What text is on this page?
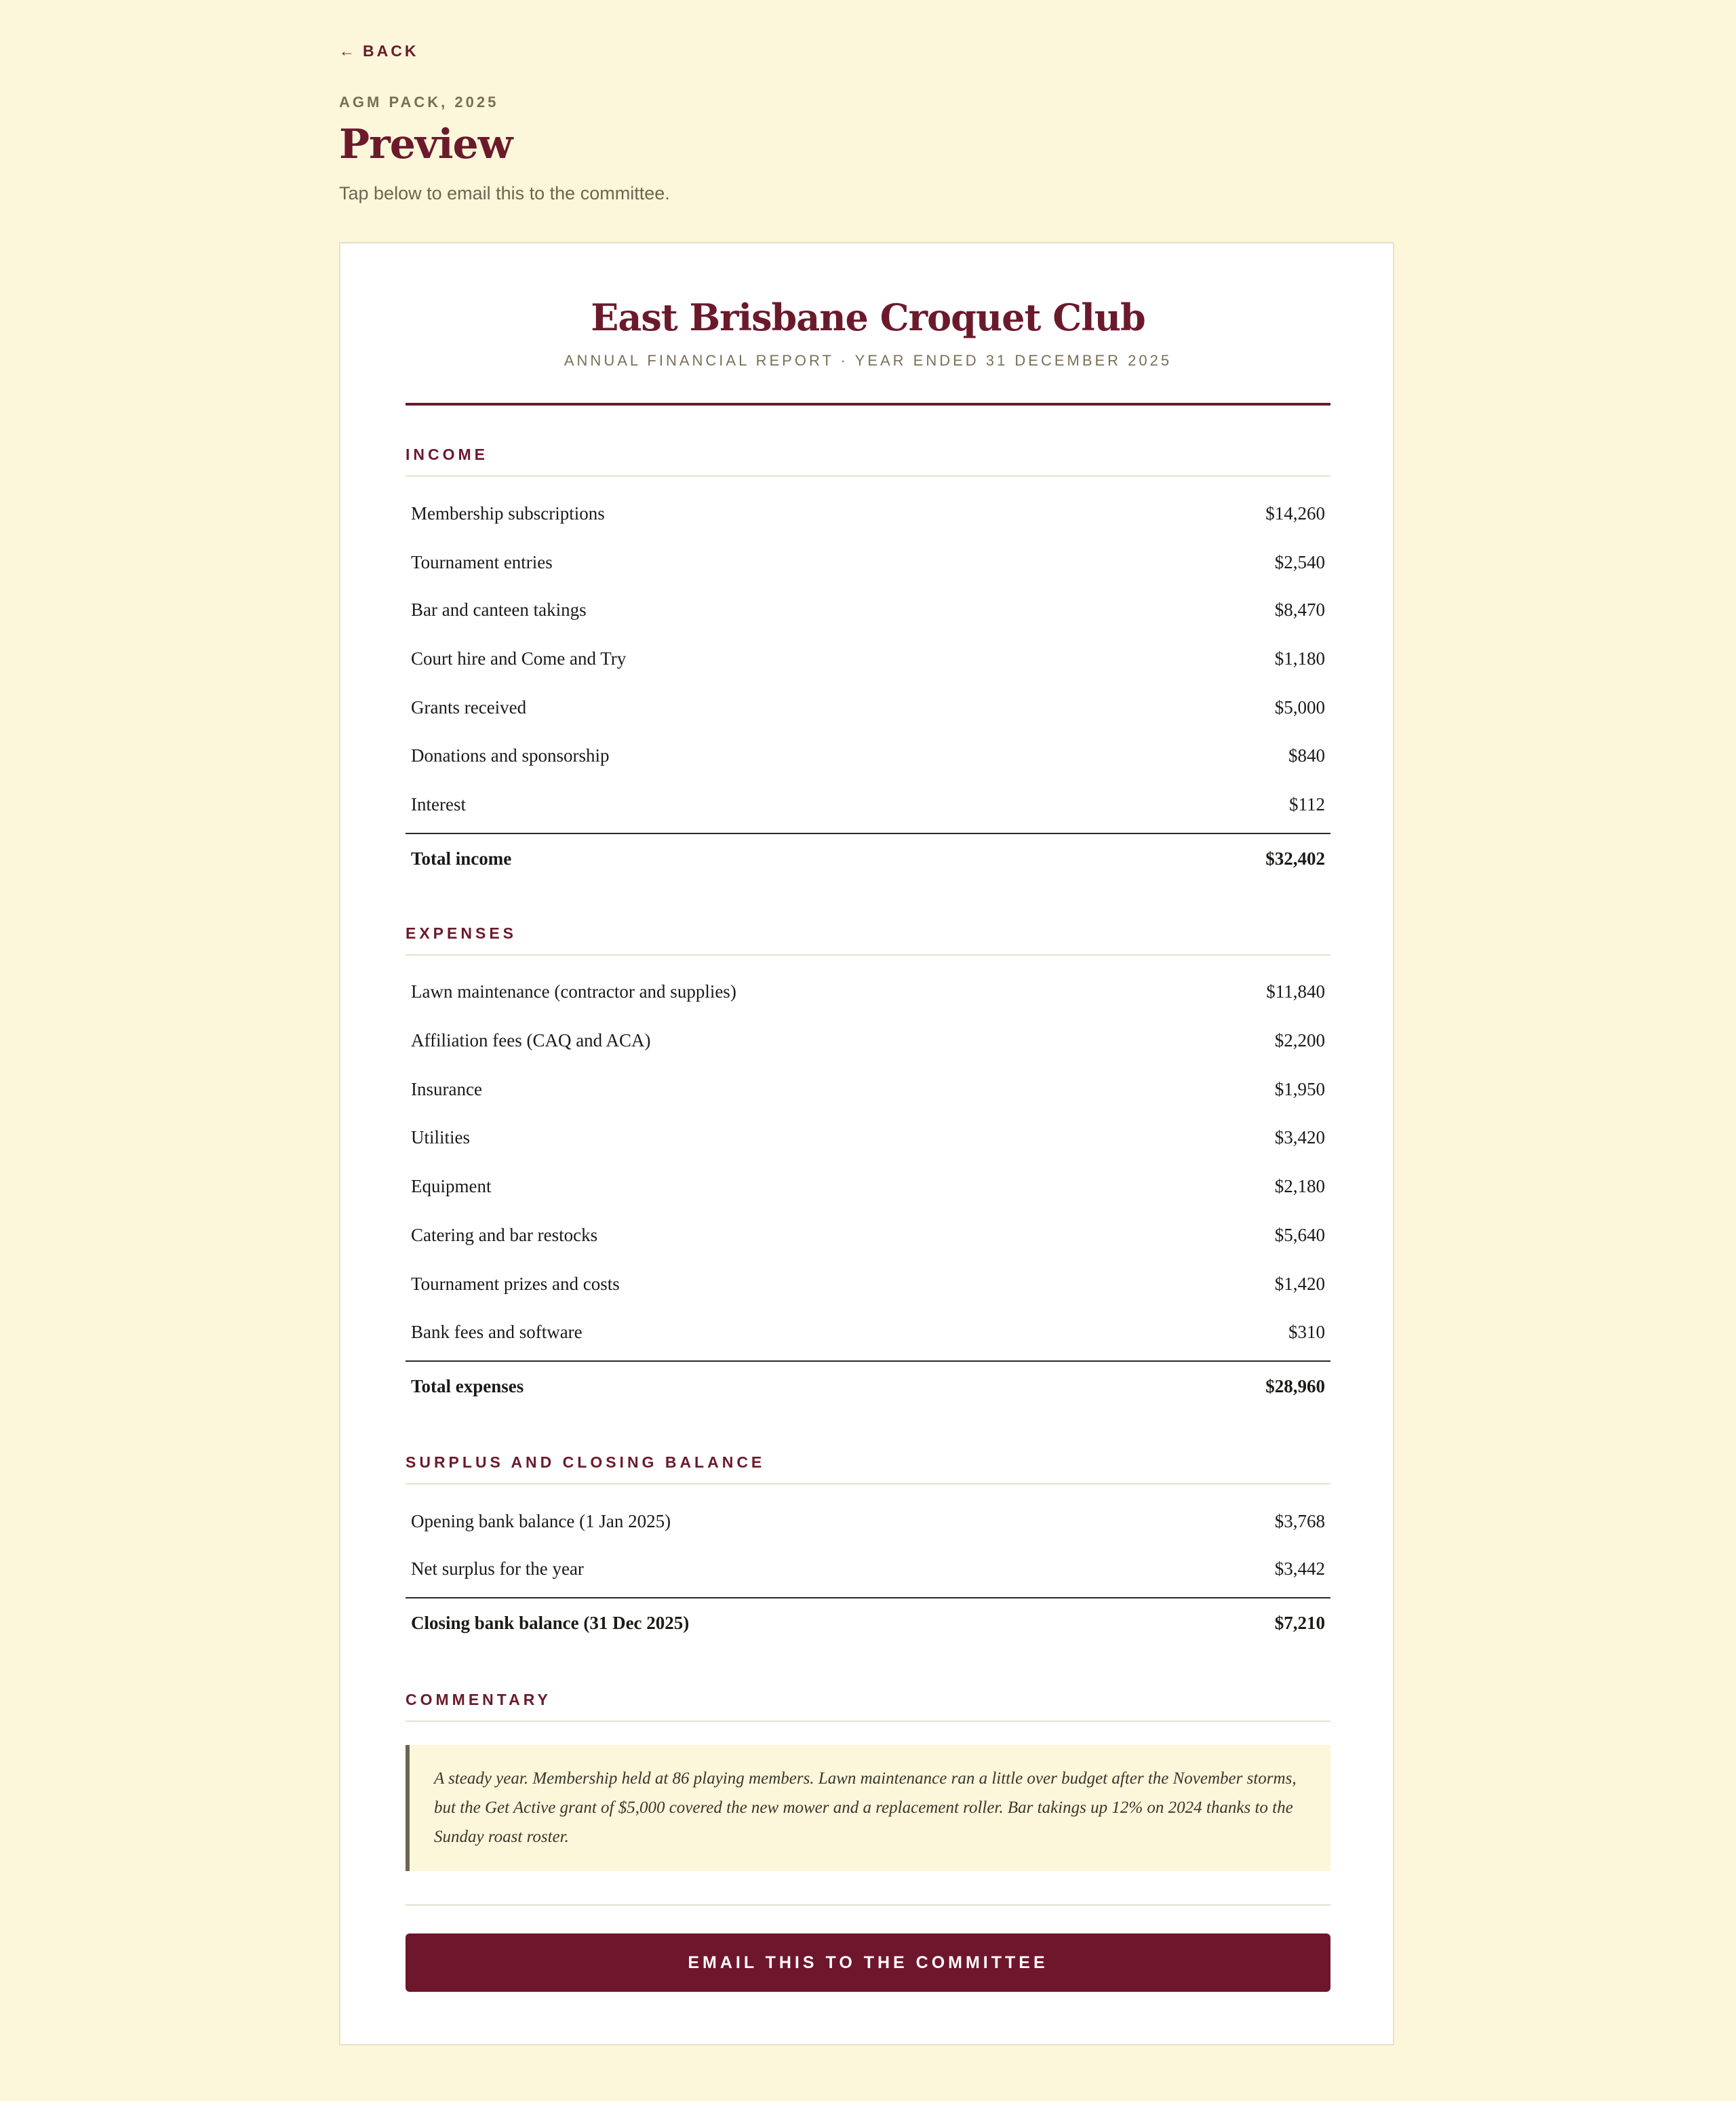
← BACK
AGM PACK, 2025
Preview
Tap below to email this to the committee.
East Brisbane Croquet Club
ANNUAL FINANCIAL REPORT · YEAR ENDED 31 DECEMBER 2025
INCOME
Membership subscriptions	$14,260
Tournament entries	$2,540
Bar and canteen takings	$8,470
Court hire and Come and Try	$1,180
Grants received	$5,000
Donations and sponsorship	$840
Interest	$112
Total income	$32,402
EXPENSES
Lawn maintenance (contractor and supplies)	$11,840
Affiliation fees (CAQ and ACA)	$2,200
Insurance	$1,950
Utilities	$3,420
Equipment	$2,180
Catering and bar restocks	$5,640
Tournament prizes and costs	$1,420
Bank fees and software	$310
Total expenses	$28,960
SURPLUS AND CLOSING BALANCE
Opening bank balance (1 Jan 2025)	$3,768
Net surplus for the year	$3,442
Closing bank balance (31 Dec 2025)	$7,210
COMMENTARY
A steady year. Membership held at 86 playing members. Lawn maintenance ran a little over budget after the November storms, but the Get Active grant of $5,000 covered the new mower and a replacement roller. Bar takings up 12% on 2024 thanks to the Sunday roast roster.
EMAIL THIS TO THE COMMITTEE
